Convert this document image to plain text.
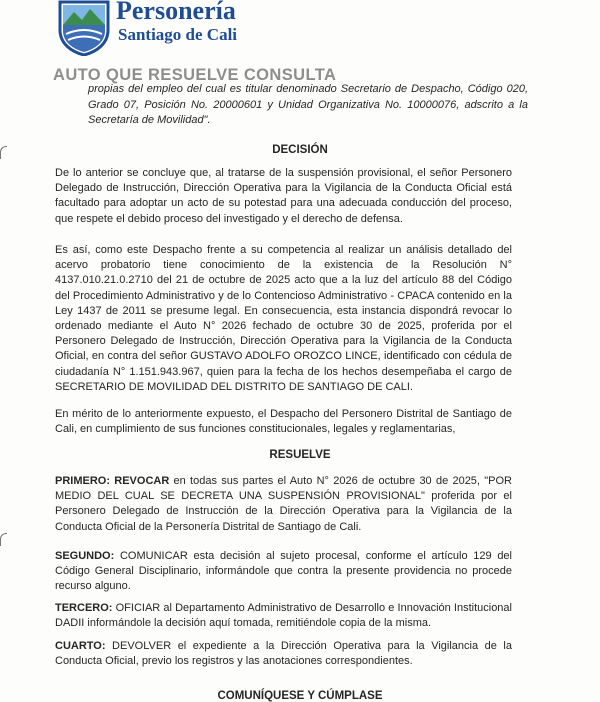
Personería
Santiago de Cali
AUTO QUE RESUELVE CONSULTA
propias del empleo del cual es titular denominado Secretario de Despacho, Código 020, Grado 07, Posición No. 20000601 y Unidad Organizativa No. 10000076, adscrito a la Secretaría de Movilidad".
DECISIÓN
De lo anterior se concluye que, al tratarse de la suspensión provisional, el señor Personero Delegado de Instrucción, Dirección Operativa para la Vigilancia de la Conducta Oficial está facultado para adoptar un acto de su potestad para una adecuada conducción del proceso, que respete el debido proceso del investigado y el derecho de defensa.
Es así, como este Despacho frente a su competencia al realizar un análisis detallado del acervo probatorio tiene conocimiento de la existencia de la Resolución N° 4137.010.21.0.2710 del 21 de octubre de 2025 acto que a la luz del artículo 88 del Código del Procedimiento Administrativo y de lo Contencioso Administrativo - CPACA contenido en la Ley 1437 de 2011 se presume legal. En consecuencia, esta instancia dispondrá revocar lo ordenado mediante el Auto N° 2026 fechado de octubre 30 de 2025, proferida por el Personero Delegado de Instrucción, Dirección Operativa para la Vigilancia de la Conducta Oficial, en contra del señor GUSTAVO ADOLFO OROZCO LINCE, identificado con cédula de ciudadanía N° 1.151.943.967, quien para la fecha de los hechos desempeñaba el cargo de SECRETARIO DE MOVILIDAD DEL DISTRITO DE SANTIAGO DE CALI.
En mérito de lo anteriormente expuesto, el Despacho del Personero Distrital de Santiago de Cali, en cumplimiento de sus funciones constitucionales, legales y reglamentarias,
RESUELVE
PRIMERO: REVOCAR en todas sus partes el Auto N° 2026 de octubre 30 de 2025, "POR MEDIO DEL CUAL SE DECRETA UNA SUSPENSIÓN PROVISIONAL" proferida por el Personero Delegado de Instrucción de la Dirección Operativa para la Vigilancia de la Conducta Oficial de la Personería Distrital de Santiago de Cali.
SEGUNDO: COMUNICAR esta decisión al sujeto procesal, conforme el artículo 129 del Código General Disciplinario, informándole que contra la presente providencia no procede recurso alguno.
TERCERO: OFICIAR al Departamento Administrativo de Desarrollo e Innovación Institucional DADII informándole la decisión aquí tomada, remitiéndole copia de la misma.
CUARTO: DEVOLVER el expediente a la Dirección Operativa para la Vigilancia de la Conducta Oficial, previo los registros y las anotaciones correspondientes.
COMUNÍQUESE Y CÚMPLASE
